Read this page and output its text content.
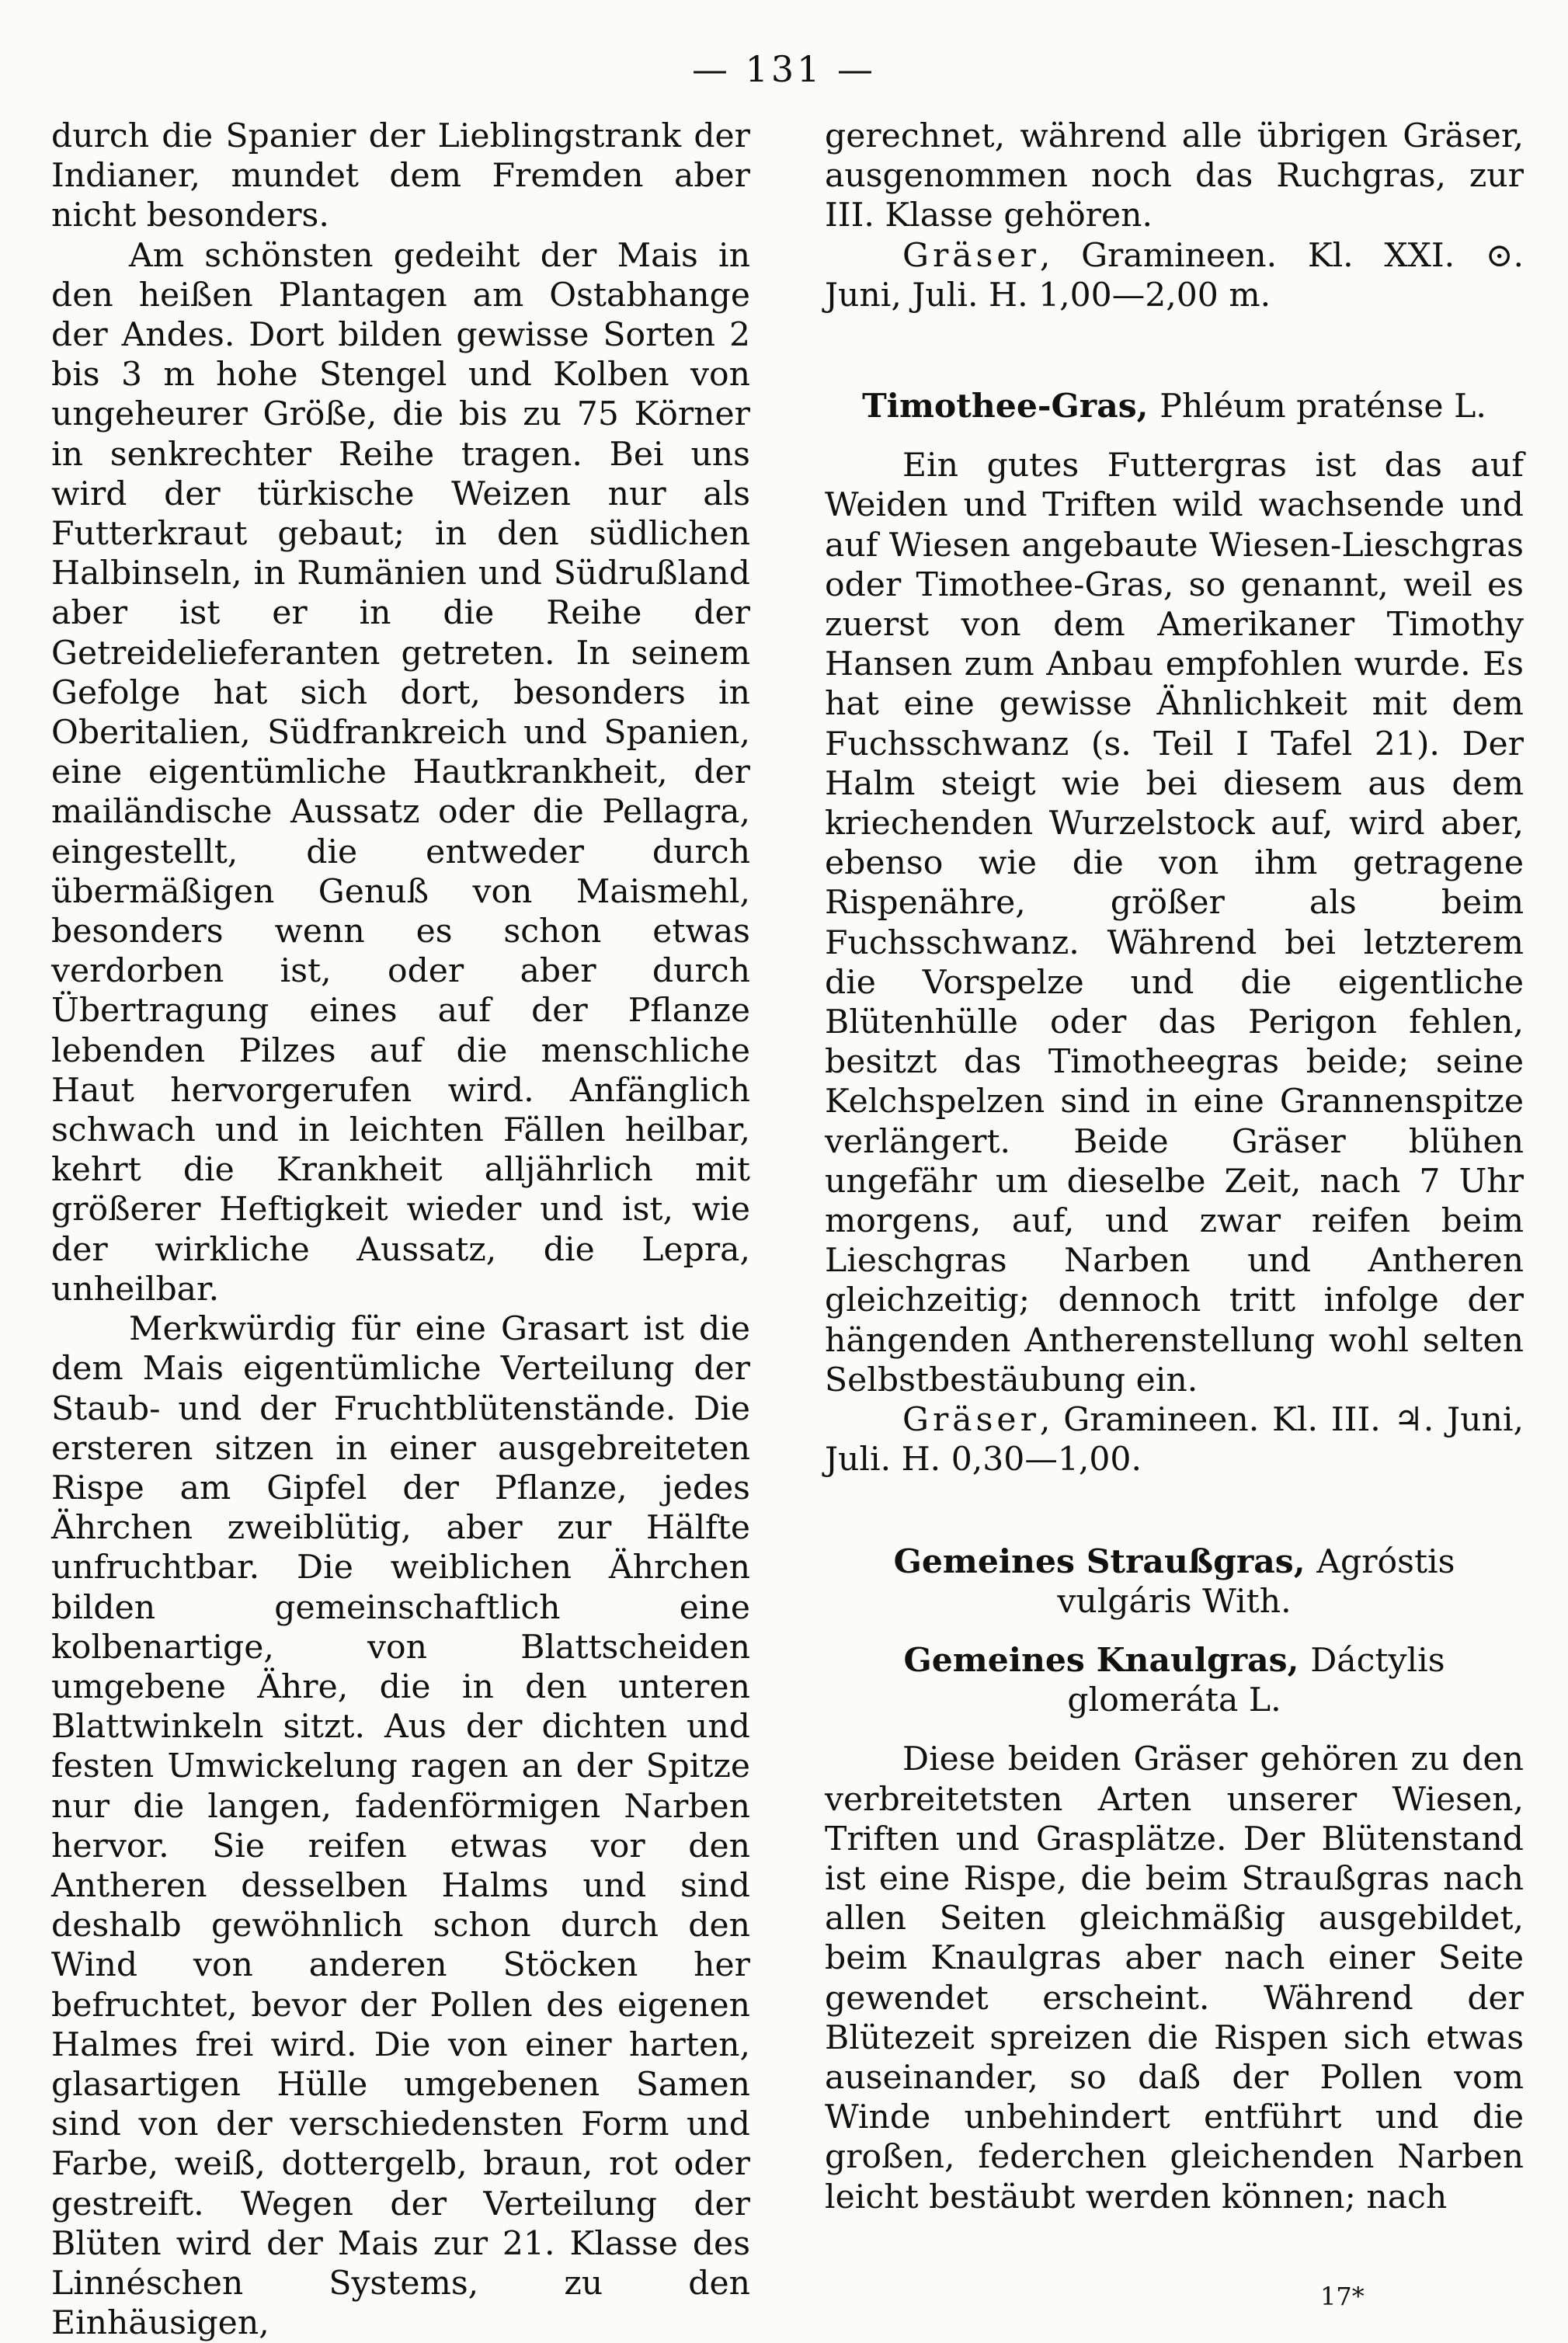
— 131 —

durch die Spanier der Lieblingstrank der Indianer, mundet dem Fremden aber nicht besonders.

Am schönsten gedeiht der Mais in den heißen Plantagen am Ostabhange der Andes. Dort bilden gewisse Sorten 2 bis 3 m hohe Stengel und Kolben von ungeheurer Größe, die bis zu 75 Körner in senkrechter Reihe tragen. Bei uns wird der türkische Weizen nur als Futterkraut gebaut; in den südlichen Halbinseln, in Rumänien und Südrußland aber ist er in die Reihe der Getreidelieferanten getreten. In seinem Gefolge hat sich dort, besonders in Oberitalien, Südfrankreich und Spanien, eine eigentümliche Hautkrankheit, der mailändische Aussatz oder die Pellagra, eingestellt, die entweder durch übermäßigen Genuß von Maismehl, besonders wenn es schon etwas verdorben ist, oder aber durch Übertragung eines auf der Pflanze lebenden Pilzes auf die menschliche Haut hervorgerufen wird. Anfänglich schwach und in leichten Fällen heilbar, kehrt die Krankheit alljährlich mit größerer Heftigkeit wieder und ist, wie der wirkliche Aussatz, die Lepra, unheilbar.

Merkwürdig für eine Grasart ist die dem Mais eigentümliche Verteilung der Staub- und der Fruchtblütenstände. Die ersteren sitzen in einer ausgebreiteten Rispe am Gipfel der Pflanze, jedes Ährchen zweiblütig, aber zur Hälfte unfruchtbar. Die weiblichen Ährchen bilden gemeinschaftlich eine kolbenartige, von Blattscheiden umgebene Ähre, die in den unteren Blattwinkeln sitzt. Aus der dichten und festen Umwickelung ragen an der Spitze nur die langen, fadenförmigen Narben hervor. Sie reifen etwas vor den Antheren desselben Halms und sind deshalb gewöhnlich schon durch den Wind von anderen Stöcken her befruchtet, bevor der Pollen des eigenen Halmes frei wird. Die von einer harten, glasartigen Hülle umgebenen Samen sind von der verschiedensten Form und Farbe, weiß, dottergelb, braun, rot oder gestreift. Wegen der Verteilung der Blüten wird der Mais zur 21. Klasse des Linnéschen Systems, zu den Einhäusigen,

gerechnet, während alle übrigen Gräser, ausgenommen noch das Ruchgras, zur III. Klasse gehören.

Gräser, Gramineen. Kl. XXI. ⊙. Juni, Juli. H. 1,00—2,00 m.

Timothee-Gras, Phléum praténse L.

Ein gutes Futtergras ist das auf Weiden und Triften wild wachsende und auf Wiesen angebaute Wiesen-Lieschgras oder Timothee-Gras, so genannt, weil es zuerst von dem Amerikaner Timothy Hansen zum Anbau empfohlen wurde. Es hat eine gewisse Ähnlichkeit mit dem Fuchsschwanz (s. Teil I Tafel 21). Der Halm steigt wie bei diesem aus dem kriechenden Wurzelstock auf, wird aber, ebenso wie die von ihm getragene Rispenähre, größer als beim Fuchsschwanz. Während bei letzterem die Vorspelze und die eigentliche Blütenhülle oder das Perigon fehlen, besitzt das Timotheegras beide; seine Kelchspelzen sind in eine Grannenspitze verlängert. Beide Gräser blühen ungefähr um dieselbe Zeit, nach 7 Uhr morgens, auf, und zwar reifen beim Lieschgras Narben und Antheren gleichzeitig; dennoch tritt infolge der hängenden Antherenstellung wohl selten Selbstbestäubung ein.

Gräser, Gramineen. Kl. III. ♃. Juni, Juli. H. 0,30—1,00.

Gemeines Straußgras, Agróstis vulgáris With.

Gemeines Knaulgras, Dáctylis glomeráta L.

Diese beiden Gräser gehören zu den verbreitetsten Arten unserer Wiesen, Triften und Grasplätze. Der Blütenstand ist eine Rispe, die beim Straußgras nach allen Seiten gleichmäßig ausgebildet, beim Knaulgras aber nach einer Seite gewendet erscheint. Während der Blütezeit spreizen die Rispen sich etwas auseinander, so daß der Pollen vom Winde unbehindert entführt und die großen, federchen gleichenden Narben leicht bestäubt werden können; nach

17*
